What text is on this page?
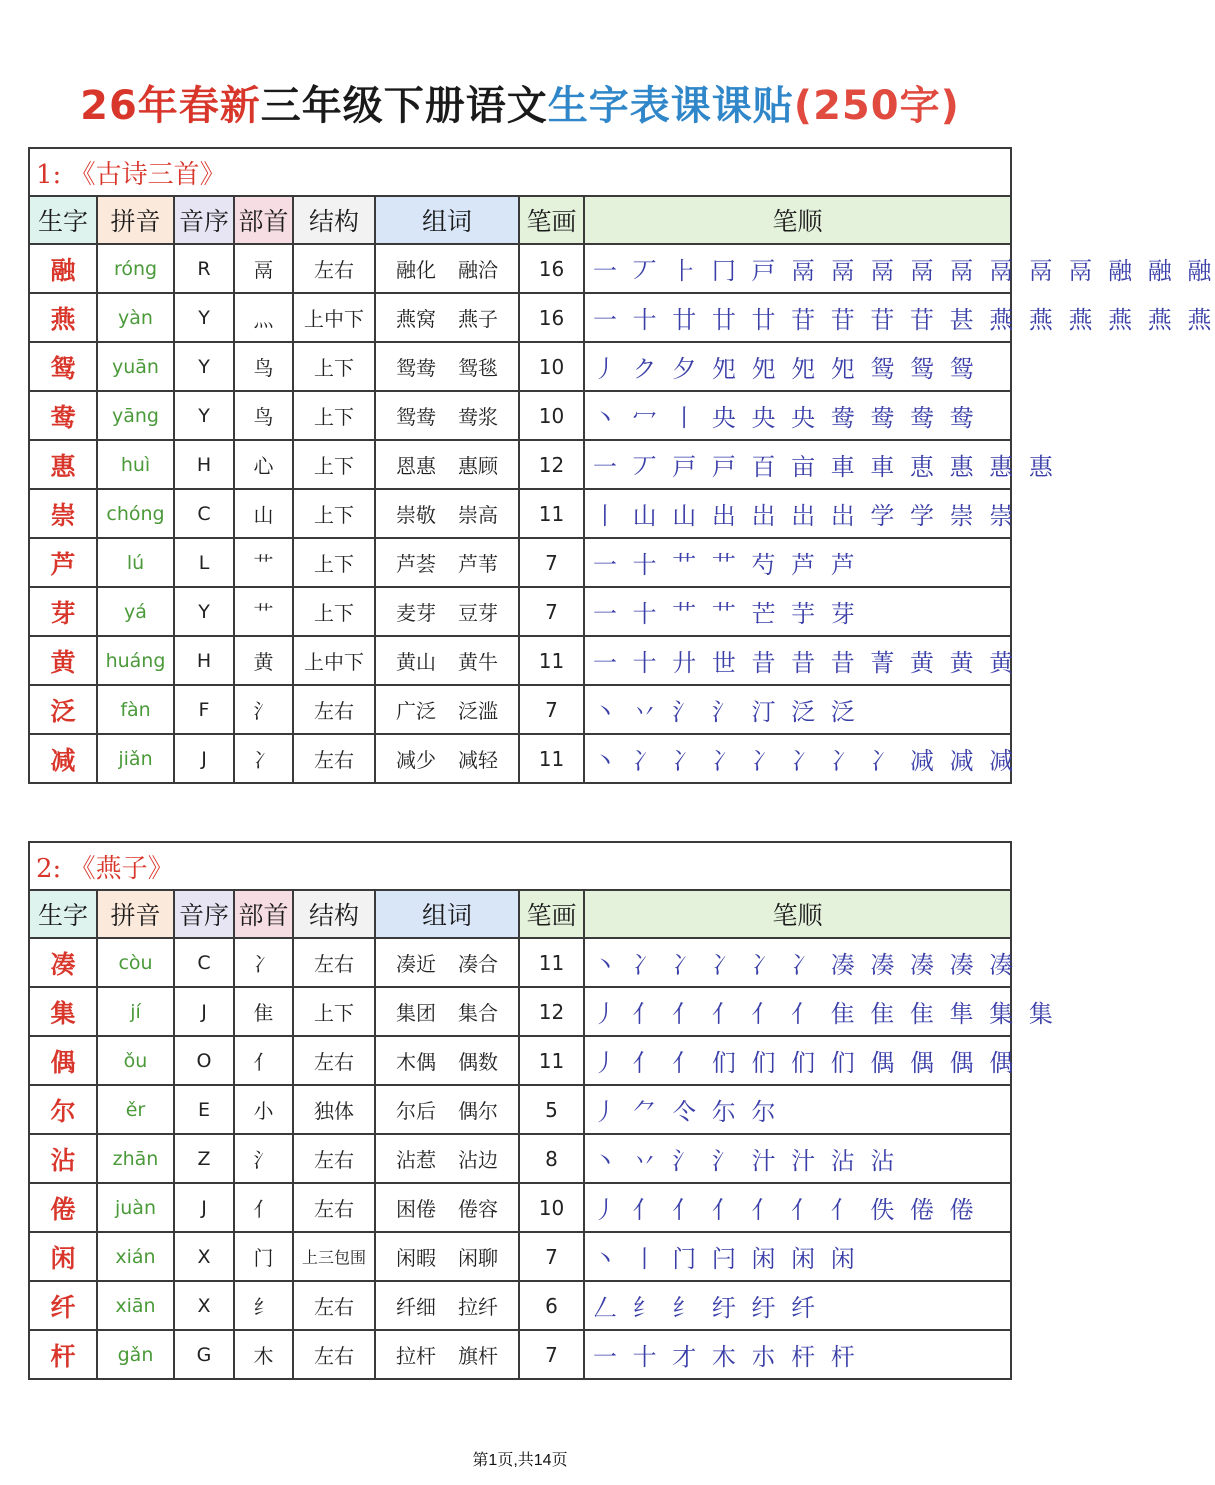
26年春新三年级下册语文生字表课课贴(250字)
1: 《古诗三首》							
生字	拼音	音序	部首	结构	组词	笔画	笔顺
融	róng	R	鬲	左右	融化 融洽	16	一 丆 ⺊ 冂 戸 鬲 鬲 鬲 鬲 鬲 鬲 鬲 鬲 融 融 融
燕	yàn	Y	灬	上中下	燕窝 燕子	16	一 十 廿 廿 廿 苷 苷 苷 苷 甚 燕 燕 燕 燕 燕 燕
鸳	yuān	Y	鸟	上下	鸳鸯 鸳毯	10	丿 ク 夕 夗 夗 夗 夗 鸳 鸳 鸳
鸯	yāng	Y	鸟	上下	鸳鸯 鸯浆	10	丶 冖 ⼁ 央 央 央 鸯 鸯 鸯 鸯
惠	huì	H	心	上下	恩惠 惠顾	12	一 丆 戸 戸 百 亩 車 車 恵 惠 惠 惠
崇	chóng	C	山	上下	崇敬 崇高	11	丨 山 山 出 岀 岀 岀 学 学 崇 崇
芦	lú	L	艹	上下	芦荟 芦苇	7	一 十 艹 艹 芍 芦 芦
芽	yá	Y	艹	上下	麦芽 豆芽	7	一 十 艹 艹 芒 芋 芽
黄	huáng	H	黄	上中下	黄山 黄牛	11	一 十 廾 世 昔 昔 昔 菁 黄 黄 黄
泛	fàn	F	氵	左右	广泛 泛滥	7	丶 丷 氵 氵 汀 泛 泛
减	jiǎn	J	冫	左右	减少 减轻	11	丶 冫 冫 冫 冫 冫 冫 冫 减 减 减
2: 《燕子》							
生字	拼音	音序	部首	结构	组词	笔画	笔顺
凑	còu	C	冫	左右	凑近 凑合	11	丶 冫 冫 冫 冫 冫 凑 凑 凑 凑 凑
集	jí	J	隹	上下	集团 集合	12	丿 亻 亻 亻 亻 亻 隹 隹 隹 隼 集 集
偶	ǒu	O	亻	左右	木偶 偶数	11	丿 亻 亻 们 们 们 们 偶 偶 偶 偶
尔	ěr	E	小	独体	尔后 偶尔	5	丿 ⺈ 仒 尓 尔
沾	zhān	Z	氵	左右	沾惹 沾边	8	丶 丷 氵 氵 汁 汁 沾 沾
倦	juàn	J	亻	左右	困倦 倦容	10	丿 亻 亻 亻 亻 亻 亻 佚 倦 倦
闲	xián	X	门	上三包围	闲暇 闲聊	7	丶 丨 门 闩 闲 闲 闲
纤	xiān	X	纟	左右	纤细 拉纤	6	𠃋 纟 纟 纡 纡 纤
杆	gǎn	G	木	左右	拉杆 旗杆	7	一 十 才 木 朩 杆 杆
第1页,共14页
